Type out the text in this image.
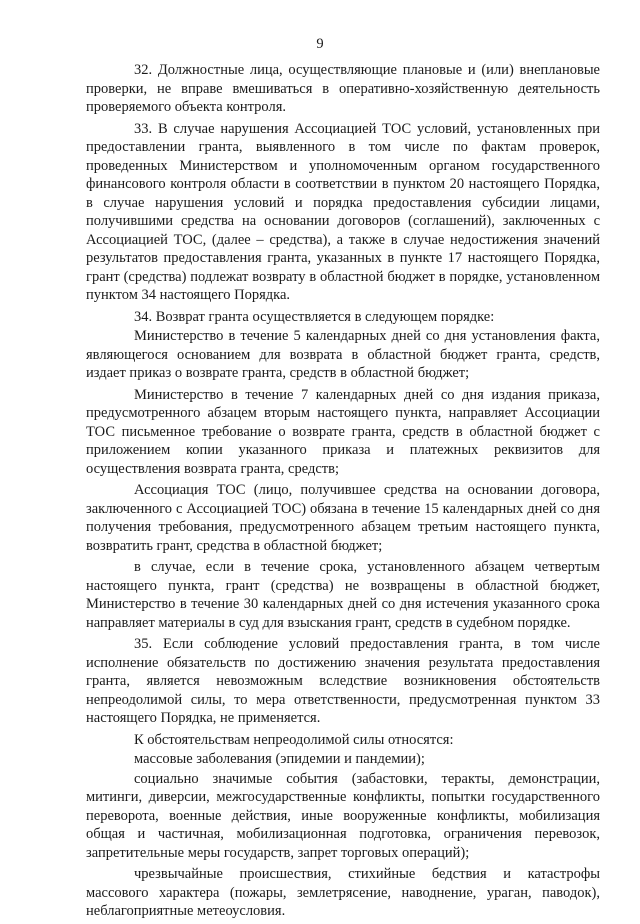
9

32. Должностные лица, осуществляющие плановые и (или) внеплановые проверки, не вправе вмешиваться в оперативно-хозяйственную деятельность проверяемого объекта контроля.

33. В случае нарушения Ассоциацией ТОС условий, установленных при предоставлении гранта, выявленного в том числе по фактам проверок, проведенных Министерством и уполномоченным органом государственного финансового контроля области в соответствии в пунктом 20 настоящего Порядка, в случае нарушения условий и порядка предоставления субсидии лицами, получившими средства на основании договоров (соглашений), заключенных с Ассоциацией ТОС, (далее – средства), а также в случае недостижения значений результатов предоставления гранта, указанных в пункте 17 настоящего Порядка, грант (средства) подлежат возврату в областной бюджет в порядке, установленном пунктом 34 настоящего Порядка.

34. Возврат гранта осуществляется в следующем порядке:

Министерство в течение 5 календарных дней со дня установления факта, являющегося основанием для возврата в областной бюджет гранта, средств, издает приказ о возврате гранта, средств в областной бюджет;

Министерство в течение 7 календарных дней со дня издания приказа, предусмотренного абзацем вторым настоящего пункта, направляет Ассоциации ТОС письменное требование о возврате гранта, средств в областной бюджет с приложением копии указанного приказа и платежных реквизитов для осуществления возврата гранта, средств;

Ассоциация ТОС (лицо, получившее средства на основании договора, заключенного с Ассоциацией ТОС) обязана в течение 15 календарных дней со дня получения требования, предусмотренного абзацем третьим настоящего пункта, возвратить грант, средства в областной бюджет;

в случае, если в течение срока, установленного абзацем четвертым настоящего пункта, грант (средства) не возвращены в областной бюджет, Министерство в течение 30 календарных дней со дня истечения указанного срока направляет материалы в суд для взыскания грант, средств в судебном порядке.

35. Если соблюдение условий предоставления гранта, в том числе исполнение обязательств по достижению значения результата предоставления гранта, является невозможным вследствие возникновения обстоятельств непреодолимой силы, то мера ответственности, предусмотренная пунктом 33 настоящего Порядка, не применяется.

К обстоятельствам непреодолимой силы относятся:

массовые заболевания (эпидемии и пандемии);

социально значимые события (забастовки, теракты, демонстрации, митинги, диверсии, межгосударственные конфликты, попытки государственного переворота, военные действия, иные вооруженные конфликты, мобилизация общая и частичная, мобилизационная подготовка, ограничения перевозок, запретительные меры государств, запрет торговых операций);

чрезвычайные происшествия, стихийные бедствия и катастрофы массового характера (пожары, землетрясение, наводнение, ураган, паводок), неблагоприятные метеоусловия.
